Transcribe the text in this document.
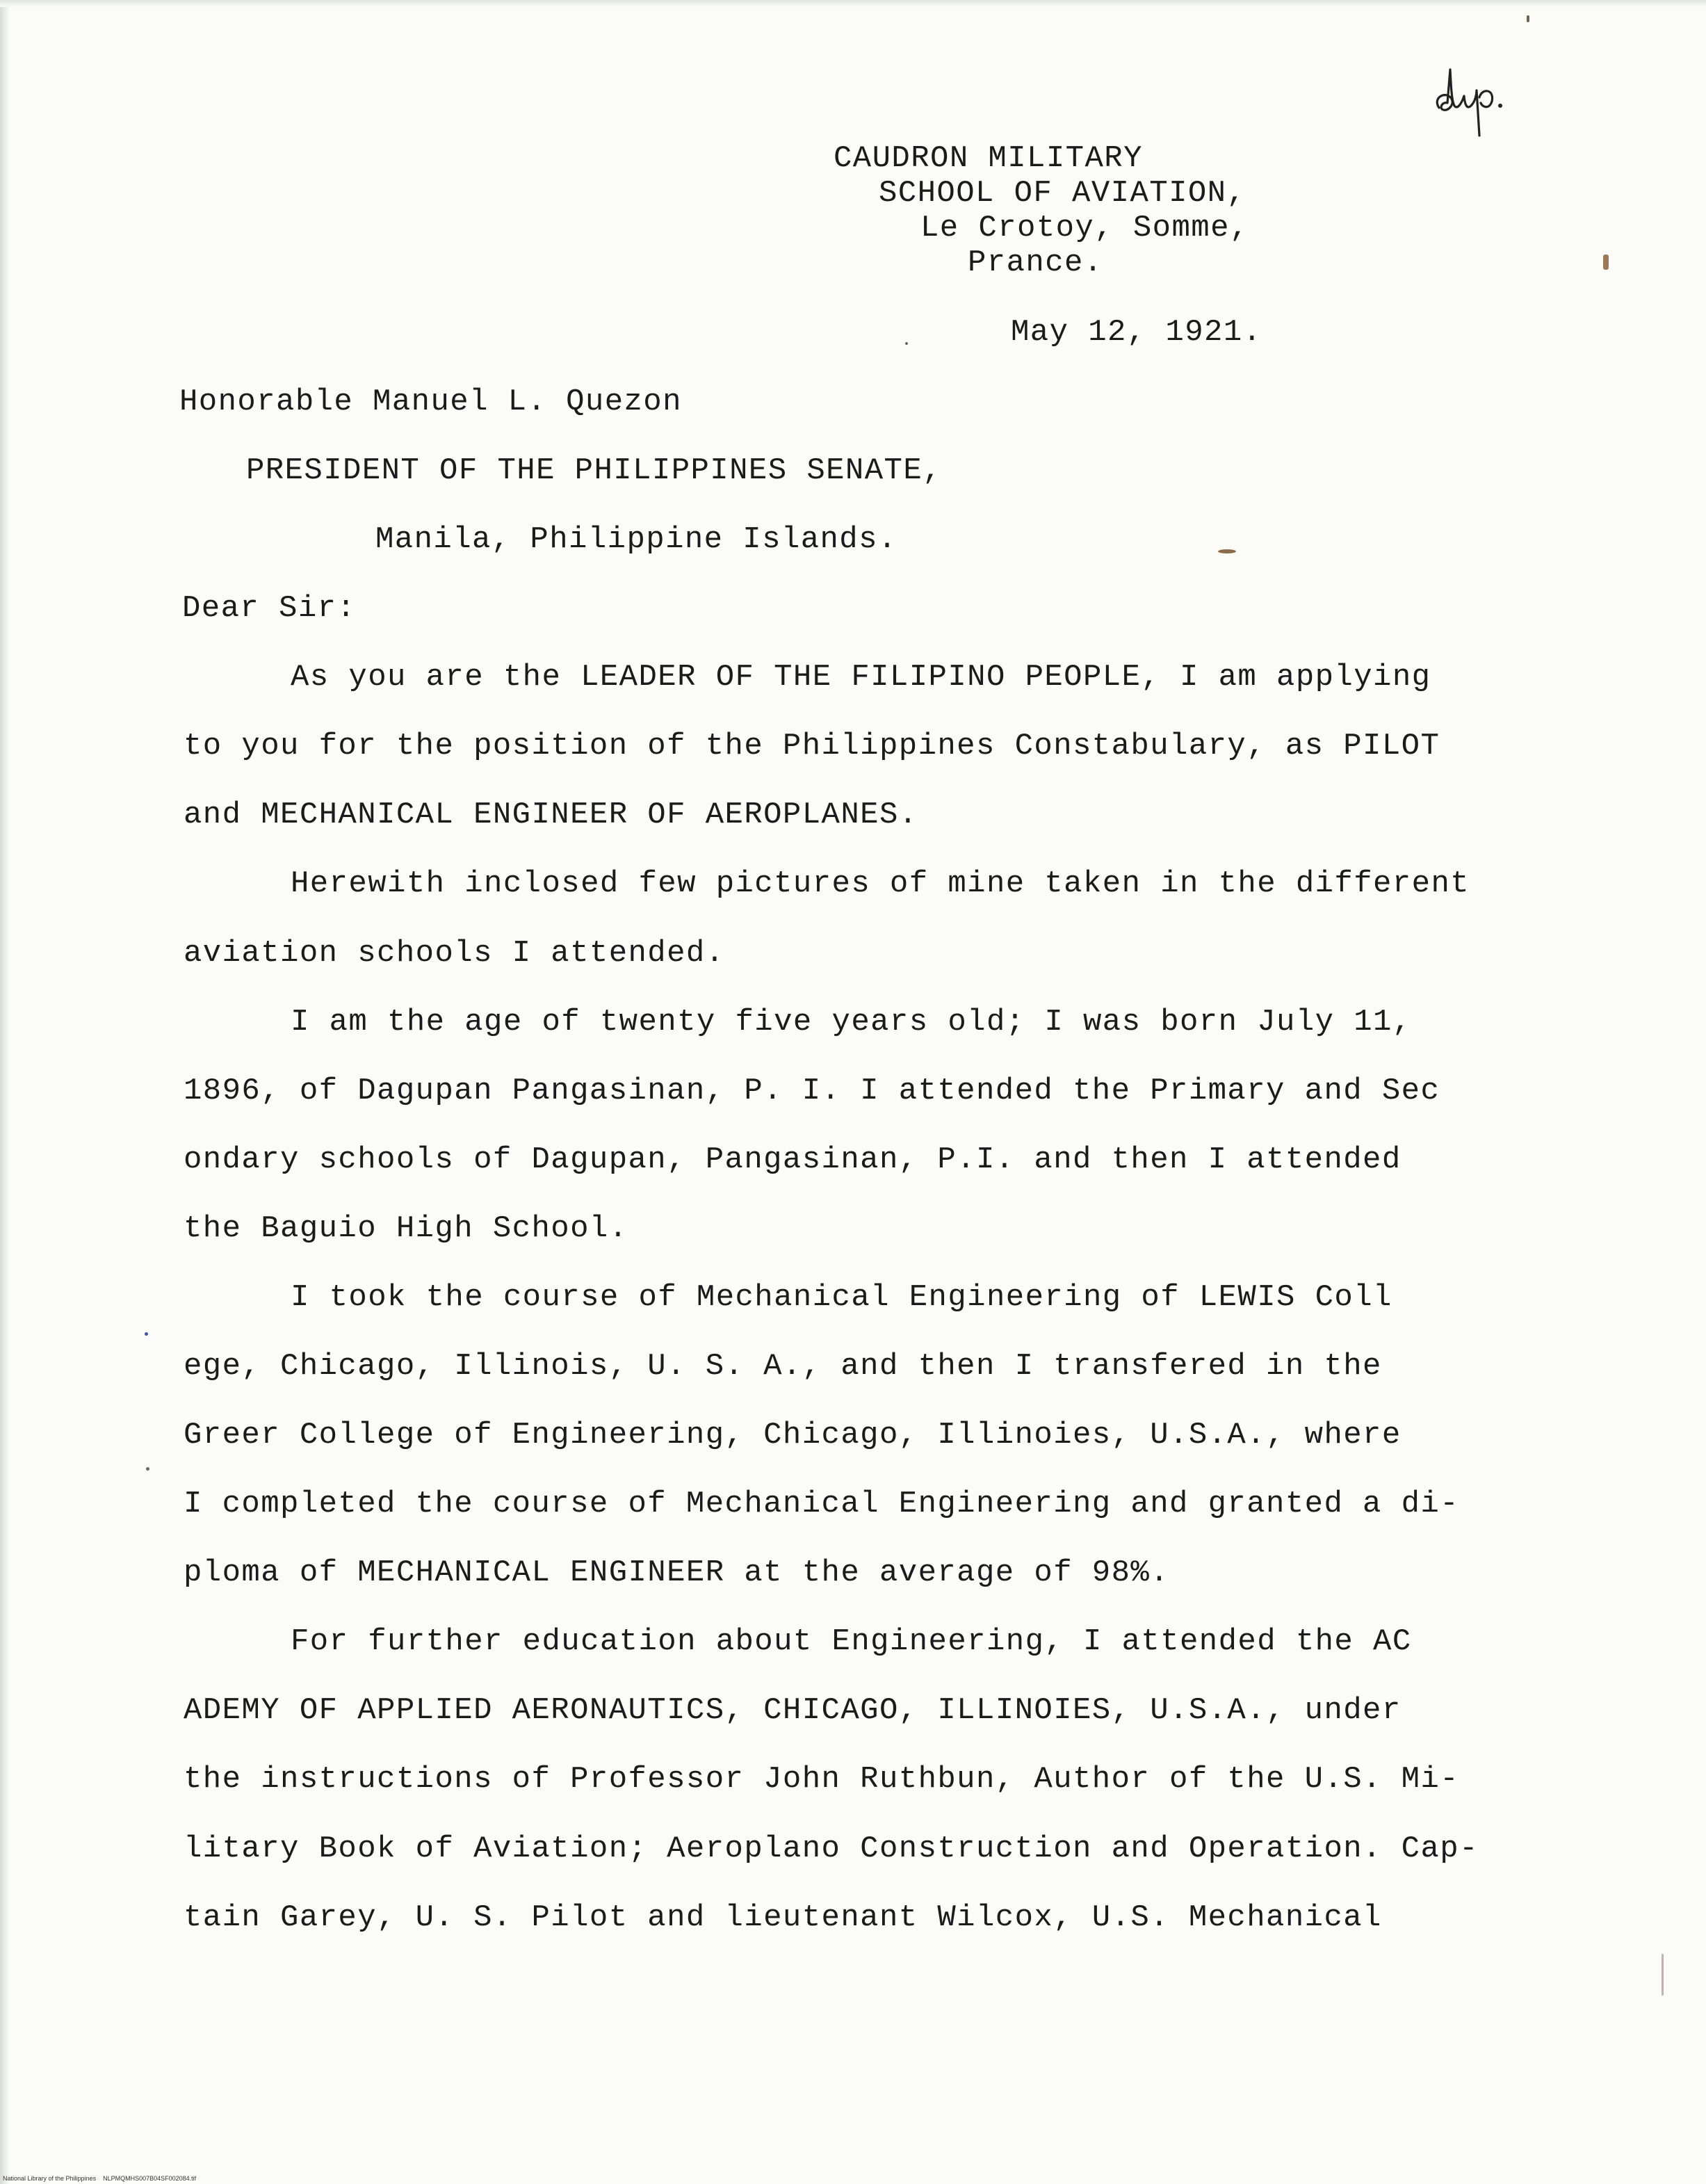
CAUDRON MILITARY
SCHOOL OF AVIATION,
Le Crotoy, Somme,
Prance.
May 12, 1921.
Honorable Manuel L. Quezon
PRESIDENT OF THE PHILIPPINES SENATE,
Manila, Philippine Islands.
Dear Sir:
As you are the LEADER OF THE FILIPINO PEOPLE, I am applying
to you for the position of the Philippines Constabulary, as PILOT
and MECHANICAL ENGINEER OF AEROPLANES.
Herewith inclosed few pictures of mine taken in the different
aviation schools I attended.
I am the age of twenty five years old; I was born July 11,
1896, of Dagupan Pangasinan, P. I. I attended the Primary and Sec
ondary schools of Dagupan, Pangasinan, P.I. and then I attended
the Baguio High School.
I took the course of Mechanical Engineering of LEWIS Coll
ege, Chicago, Illinois, U. S. A., and then I transfered in the
Greer College of Engineering, Chicago, Illinoies, U.S.A., where
I completed the course of Mechanical Engineering and granted a di-
ploma of MECHANICAL ENGINEER at the average of 98%.
For further education about Engineering, I attended the AC
ADEMY OF APPLIED AERONAUTICS, CHICAGO, ILLINOIES, U.S.A., under
the instructions of Professor John Ruthbun, Author of the U.S. Mi-
litary Book of Aviation; Aeroplano Construction and Operation. Cap-
tain Garey, U. S. Pilot and lieutenant Wilcox, U.S. Mechanical
National Library of the Philippines    NLPMQMHS007B04SF002084.tif
